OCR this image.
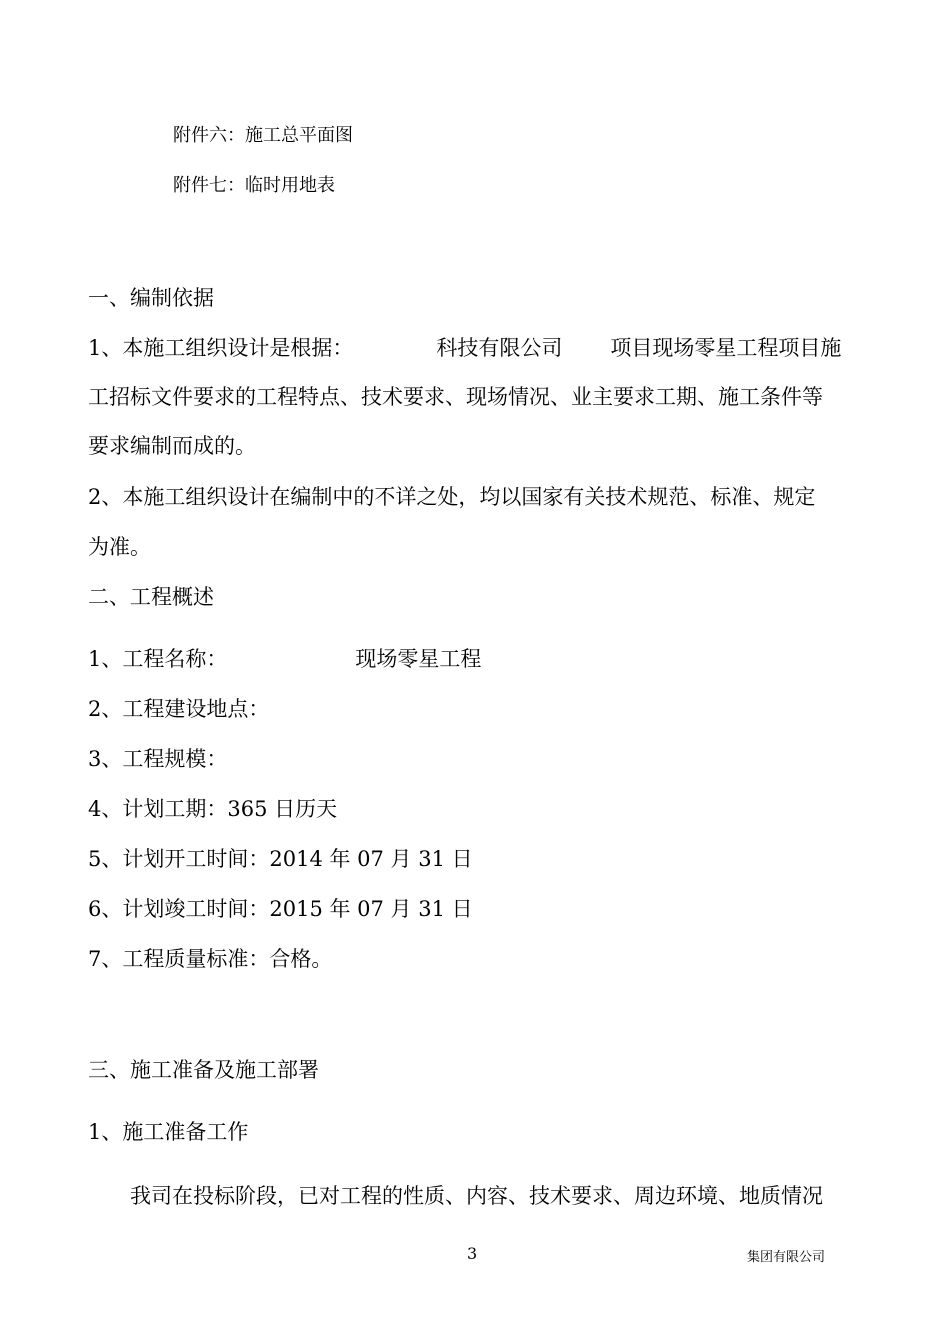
附件六：施工总平面图
附件七：临时用地表
一、编制依据
1、本施工组织设计是根据：	科技有限公司 项目现场零星工程项目施
工招标文件要求的工程特点、技术要求、现场情况、业主要求工期、施工条件等
要求编制而成的。
2、本施工组织设计在编制中的不详之处，均以国家有关技术规范、标准、规定
为准。
二、工程概述
1、工程名称：	现场零星工程
2、工程建设地点：
3、工程规模：
4、计划工期：365 日历天
5、计划开工时间：2014 年 07 月 31 日
6、计划竣工时间：2015 年 07 月 31 日
7、工程质量标准：合格。
三、施工准备及施工部署
1、施工准备工作
我司在投标阶段，已对工程的性质、内容、技术要求、周边环境、地质情况
3	集团有限公司
